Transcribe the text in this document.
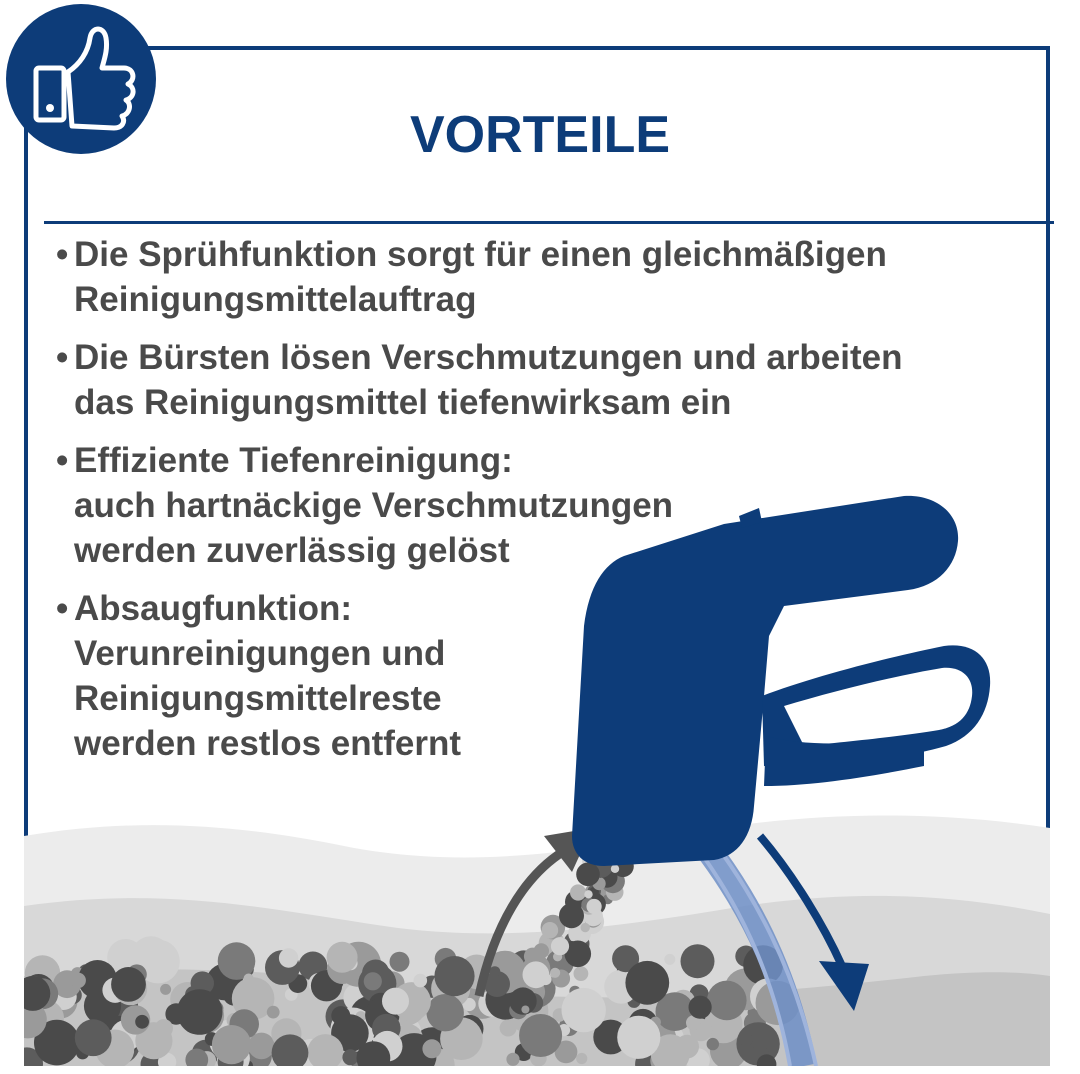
VORTEILE
• Die Sprühfunktion sorgt für einen gleichmäßigen
Reinigungsmittelauftrag
• Die Bürsten lösen Verschmutzungen und arbeiten
das Reinigungsmittel tiefenwirksam ein
• Effiziente Tiefenreinigung:
auch hartnäckige Verschmutzungen
werden zuverlässig gelöst
• Absaugfunktion:
Verunreinigungen und
Reinigungsmittelreste
werden restlos entfernt
